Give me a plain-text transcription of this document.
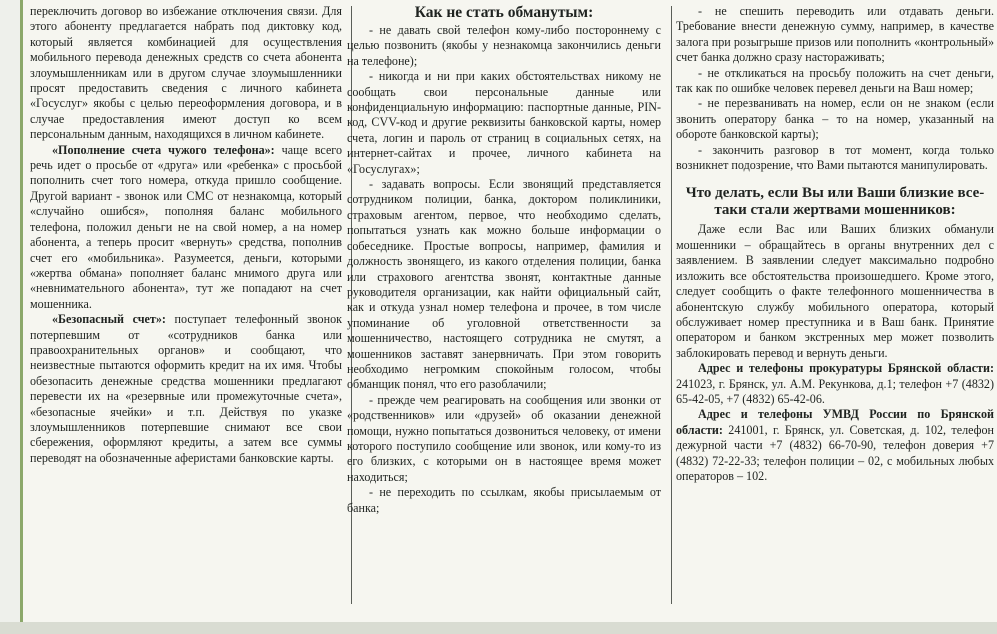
переключить договор во избежание отключения связи. Для этого абоненту предлагается набрать под диктовку код, который является комбинацией для осуществления мобильного перевода денежных средств со счета абонента злоумышленникам или в другом случае злоумышленники просят предоставить сведения с личного кабинета «Госуслуг» якобы с целью переоформления договора, и в случае предоставления имеют доступ ко всем персональным данным, находящихся в личном кабинете.

«Пополнение счета чужого телефона»: чаще всего речь идет о просьбе от «друга» или «ребенка» с просьбой пополнить счет того номера, откуда пришло сообщение. Другой вариант - звонок или СМС от незнакомца, который «случайно ошибся», пополняя баланс мобильного телефона, положил деньги не на свой номер, а на номер абонента, а теперь просит «вернуть» средства, пополнив счет его «мобильника». Разумеется, деньги, которыми «жертва обмана» пополняет баланс мнимого друга или «невнимательного абонента», тут же попадают на счет мошенника.

«Безопасный счет»: поступает телефонный звонок потерпевшим от «сотрудников банка или правоохранительных органов» и сообщают, что неизвестные пытаются оформить кредит на их имя. Чтобы обезопасить денежные средства мошенники предлагают перевести их на «резервные или промежуточные счета», «безопасные ячейки» и т.п. Действуя по указке злоумышленников потерпевшие снимают все свои сбережения, оформляют кредиты, а затем все суммы переводят на обозначенные аферистами банковские карты.

Как не стать обманутым:

- не давать свой телефон кому-либо постороннему с целью позвонить (якобы у незнакомца закончились деньги на телефоне);

- никогда и ни при каких обстоятельствах никому не сообщать свои персональные данные или конфиденциальную информацию: паспортные данные, PIN-код, CVV-код и другие реквизиты банковской карты, номер счета, логин и пароль от страниц в социальных сетях, на интернет-сайтах и прочее, личного кабинета на «Госуслугах»;

- задавать вопросы. Если звонящий представляется сотрудником полиции, банка, доктором поликлиники, страховым агентом, первое, что необходимо сделать, попытаться узнать как можно больше информации о собеседнике. Простые вопросы, например, фамилия и должность звонящего, из какого отделения полиции, банка или страхового агентства звонят, контактные данные руководителя организации, как найти официальный сайт, как и откуда узнал номер телефона и прочее, в том числе упоминание об уголовной ответственности за мошенничество, настоящего сотрудника не смутят, а мошенников заставят занервничать. При этом говорить необходимо негромким спокойным голосом, чтобы обманщик понял, что его разоблачили;

- прежде чем реагировать на сообщения или звонки от «родственников» или «друзей» об оказании денежной помощи, нужно попытаться дозвониться человеку, от имени которого поступило сообщение или звонок, или кому-то из его близких, с которыми он в настоящее время может находиться;

- не переходить по ссылкам, якобы присылаемым от банка;

- не спешить переводить или отдавать деньги. Требование внести денежную сумму, например, в качестве залога при розыгрыше призов или пополнить «контрольный» счет банка должно сразу настораживать;

- не откликаться на просьбу положить на счет деньги, так как по ошибке человек перевел деньги на Ваш номер;

- не перезванивать на номер, если он не знаком (если звонить оператору банка – то на номер, указанный на обороте банковской карты);

- закончить разговор в тот момент, когда только возникнет подозрение, что Вами пытаются манипулировать.

Что делать, если Вы или Ваши близкие все-таки стали жертвами мошенников:

Даже если Вас или Ваших близких обманули мошенники – обращайтесь в органы внутренних дел с заявлением. В заявлении следует максимально подробно изложить все обстоятельства произошедшего. Кроме этого, следует сообщить о факте телефонного мошенничества в абонентскую службу мобильного оператора, который обслуживает номер преступника и в Ваш банк. Принятие оператором и банком экстренных мер может позволить заблокировать перевод и вернуть деньги.

Адрес и телефоны прокуратуры Брянской области: 241023, г. Брянск, ул. А.М. Рекункова, д.1; телефон +7 (4832) 65-42-05, +7 (4832) 65-42-06.

Адрес и телефоны УМВД России по Брянской области: 241001, г. Брянск, ул. Советская, д. 102, телефон дежурной части +7 (4832) 66-70-90, телефон доверия +7 (4832) 72-22-33; телефон полиции – 02, с мобильных любых операторов – 102.
